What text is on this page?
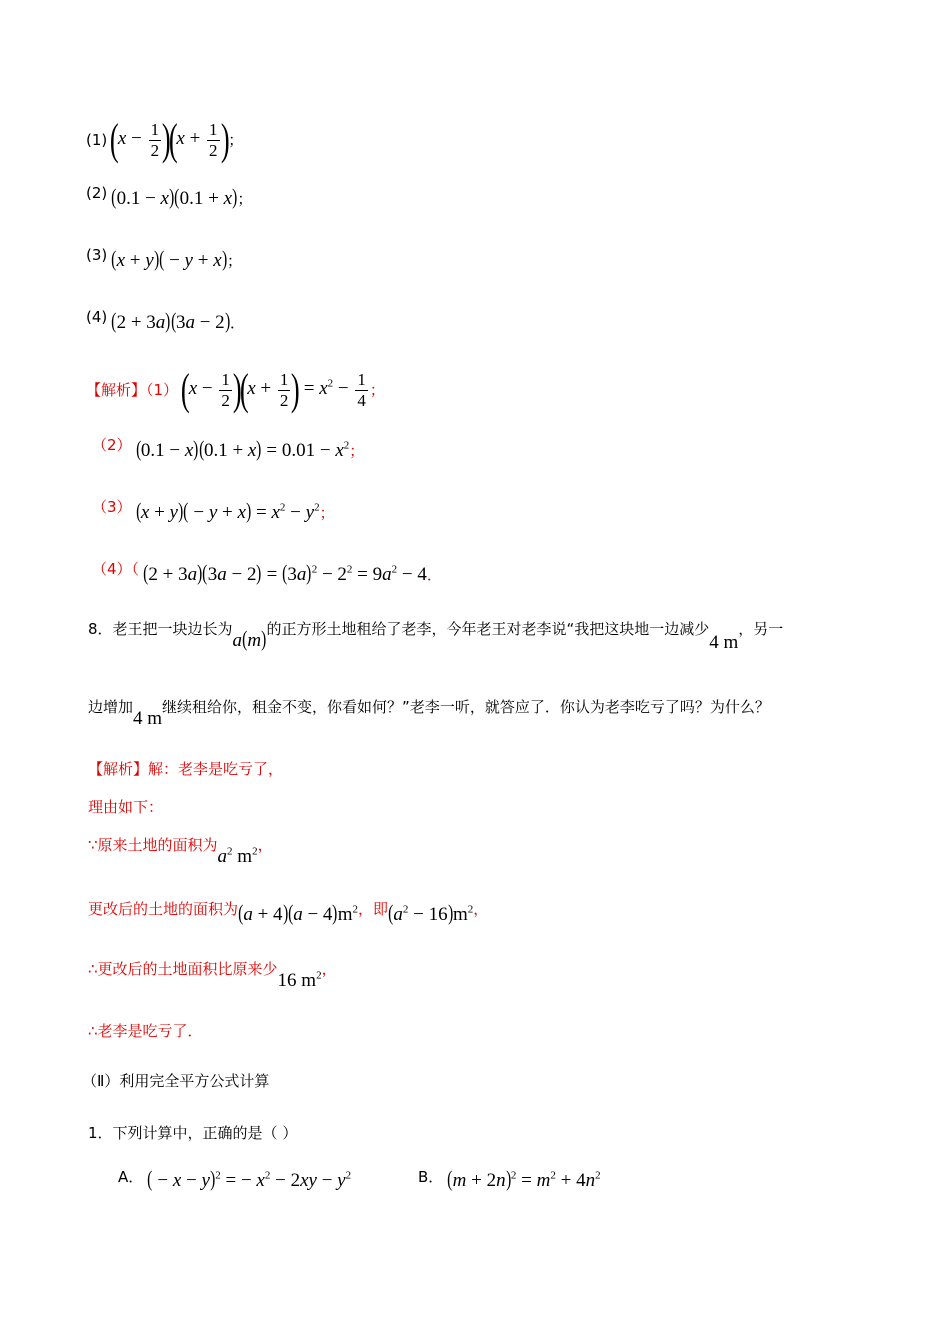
(1) $(x - \frac{1}{2} )(x + \frac{1}{2}$ )；
(2) (0.1 − x)(0.1 + x)；
(3) (x + y)( − y + x)；
(4) (2 + 3a)(3a − 2)．
【解析】（1） $(x - \frac{1}{2} )(x + \frac{1}{2}$ ) = $x^2 - \frac{1}{4}$ ；
（2） $(0.1 - x)(0.1 + x) = 0.01 - x^2$；
（3） $(x + y)( - y + x) = x^2 - y^2$；
（4）（ $(2 + 3a)(3a - 2) = (3a)^2 - 2^2 = 9a^2 - 4$．
8．老王把一块边长为a(m)的正方形土地租给了老李，今年老王对老李说“我把这块地一边减少4 m，另一
边增加4 m继续租给你，租金不变，你看如何？”老李一听，就答应了．你认为老李吃亏了吗？为什么？
【解析】解：老李是吃亏了，
理由如下：
∵原来土地的面积为$a^2$ $m^2$，
更改后的土地的面积为$(a + 4)(a - 4)m^2$，即$(a^2 - 16)m^2$，
∴更改后的土地面积比原来少16 $m^2$，
∴老李是吃亏了．
（Ⅱ）利用完全平方公式计算
1．下列计算中，正确的是（ ）
A． ( − x − y)$^2$ = − $x^2 - 2xy - y^2$	B． $(m + 2n)^2 = m^2 + 4n^2$
